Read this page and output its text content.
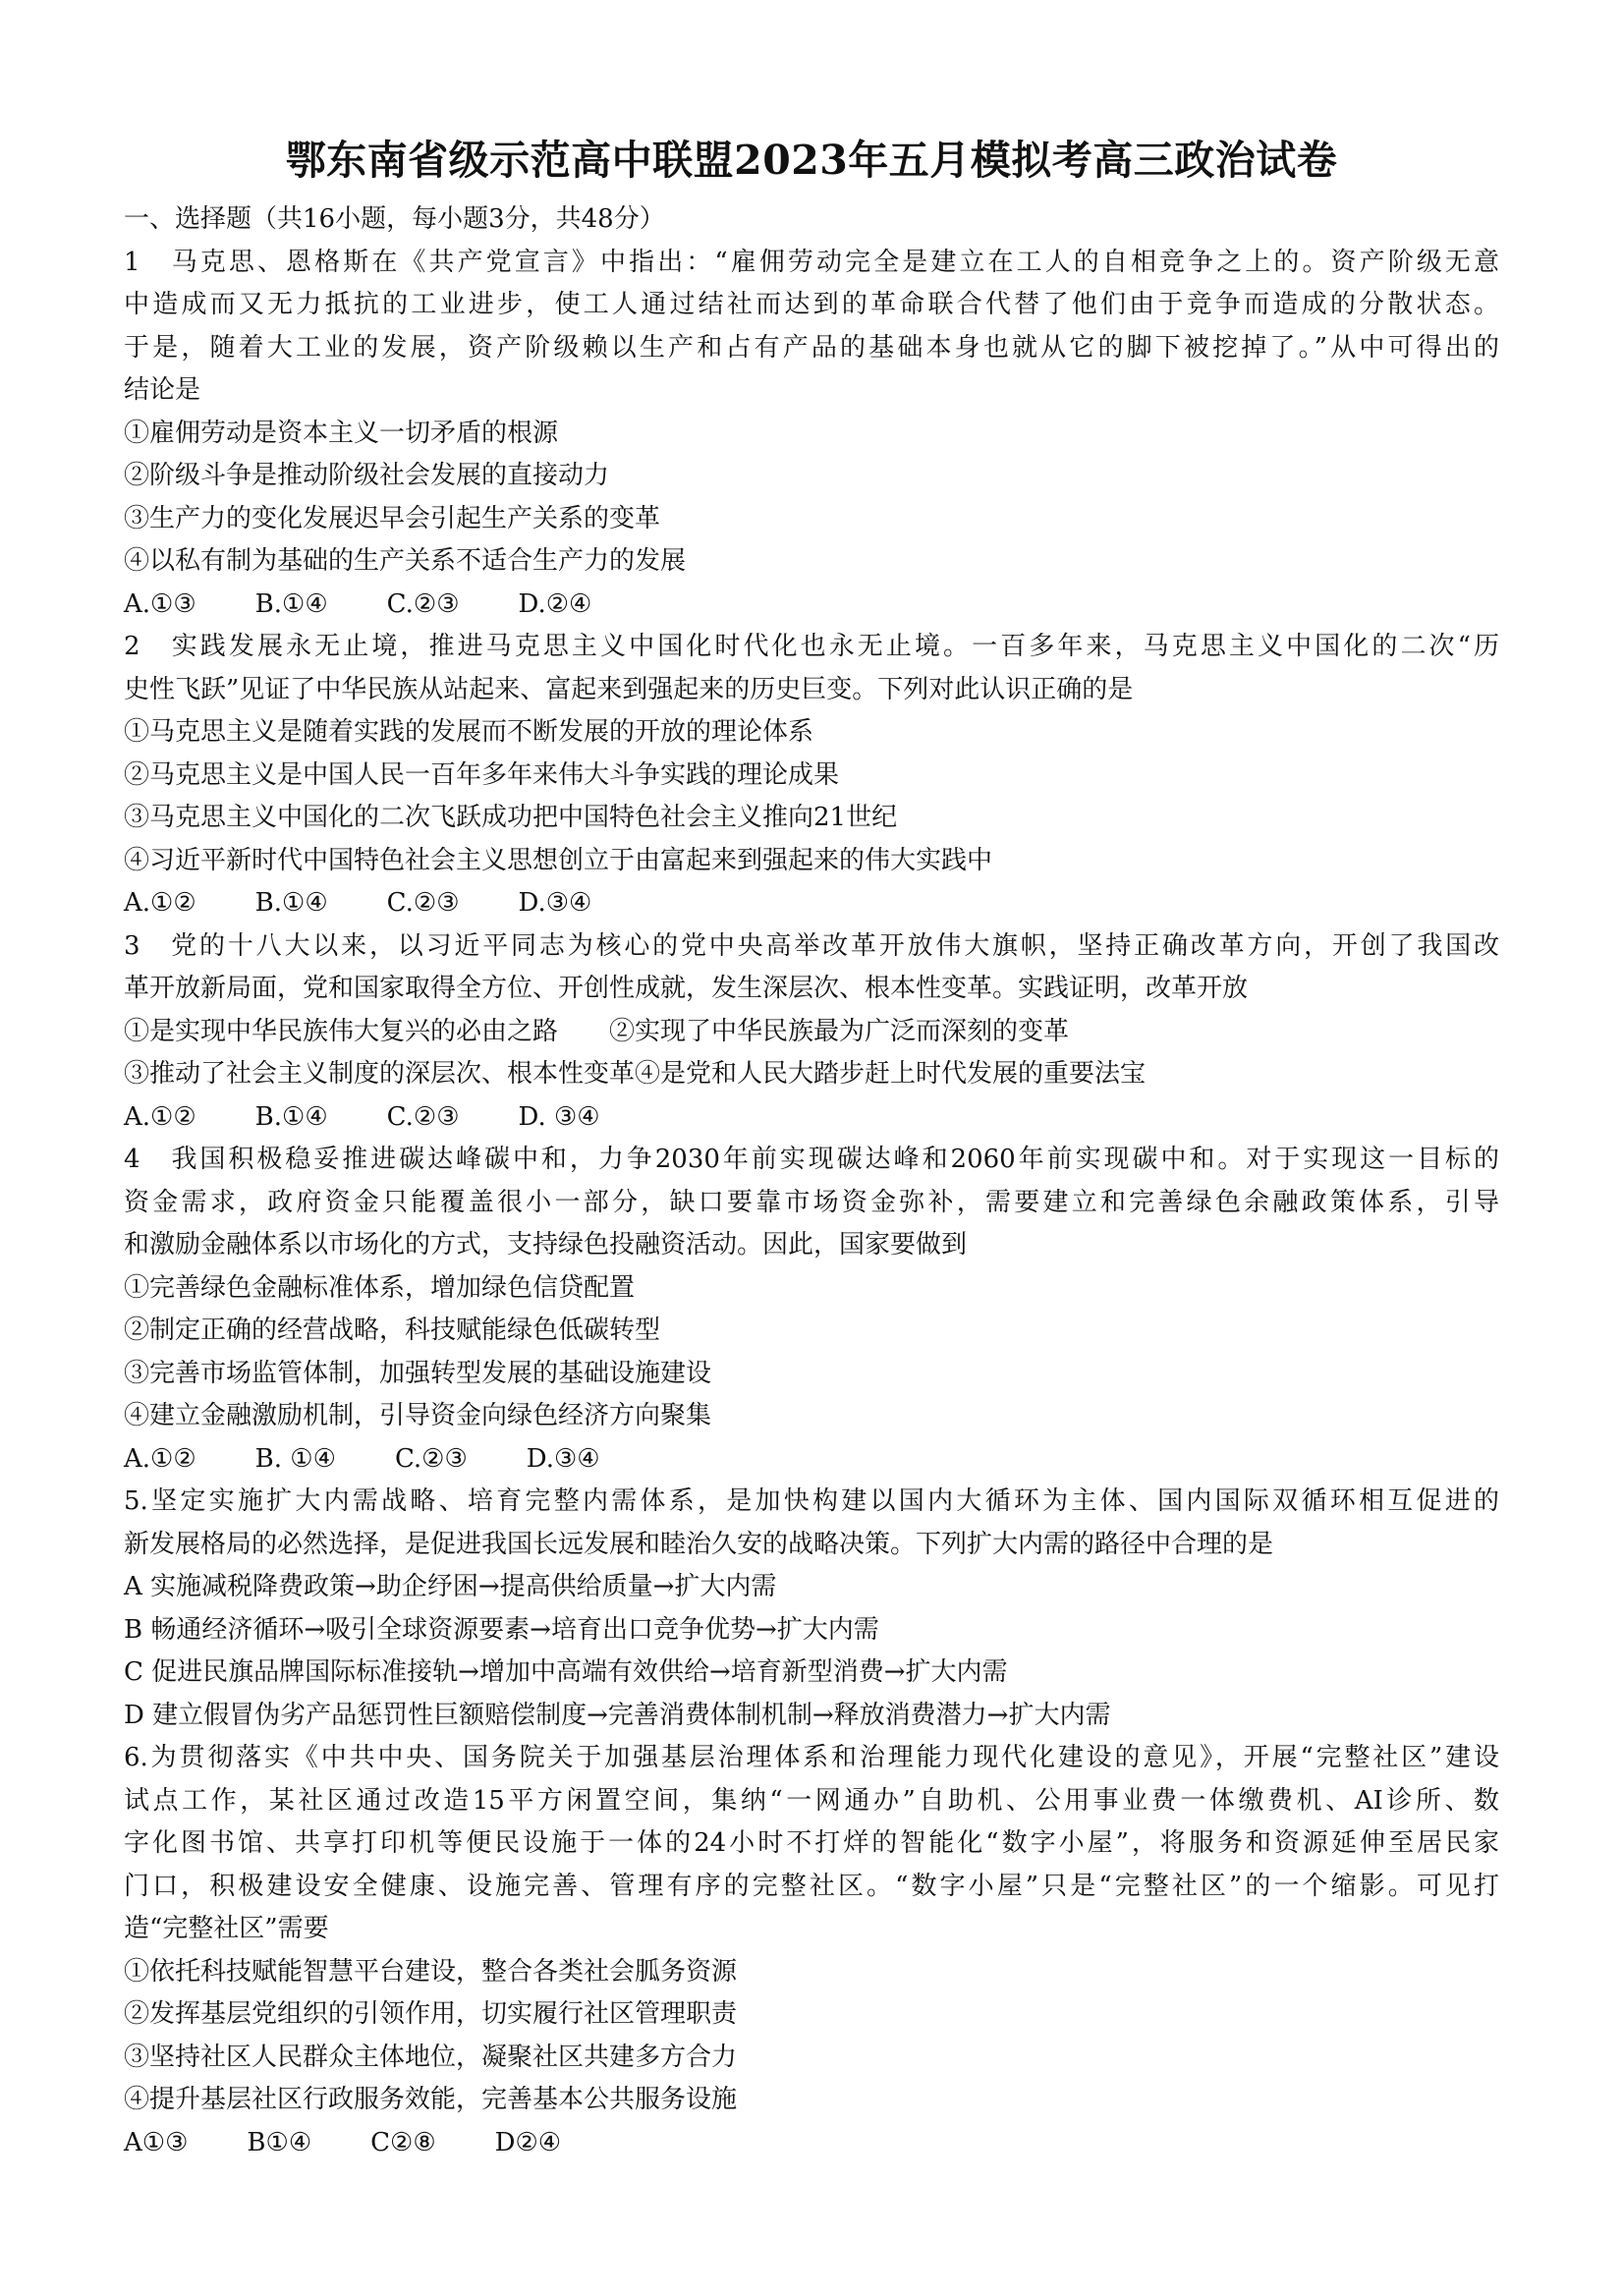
鄂东南省级示范高中联盟2023年五月模拟考高三政治试卷
一、选择题（共16小题，每小题3分，共48分）
1　马克思、恩格斯在《共产党宣言》中指出：“雇佣劳动完全是建立在工人的自相竞争之上的。资产阶级无意
中造成而又无力抵抗的工业进步，使工人通过结社而达到的革命联合代替了他们由于竞争而造成的分散状态。
于是，随着大工业的发展，资产阶级赖以生产和占有产品的基础本身也就从它的脚下被挖掉了。”从中可得出的
结论是
①雇佣劳动是资本主义一切矛盾的根源
②阶级斗争是推动阶级社会发展的直接动力
③生产力的变化发展迟早会引起生产关系的变革
④以私有制为基础的生产关系不适合生产力的发展
A.①③ B.①④ C.②③ D.②④
2　实践发展永无止境，推进马克思主义中国化时代化也永无止境。一百多年来，马克思主义中国化的二次“历
史性飞跃”见证了中华民族从站起来、富起来到强起来的历史巨变。下列对此认识正确的是
①马克思主义是随着实践的发展而不断发展的开放的理论体系
②马克思主义是中国人民一百年多年来伟大斗争实践的理论成果
③马克思主义中国化的二次飞跃成功把中国特色社会主义推向21世纪
④习近平新时代中国特色社会主义思想创立于由富起来到强起来的伟大实践中
A.①② B.①④ C.②③ D.③④
3　党的十八大以来，以习近平同志为核心的党中央高举改革开放伟大旗帜，坚持正确改革方向，开创了我国改
革开放新局面，党和国家取得全方位、开创性成就，发生深层次、根本性变革。实践证明，改革开放
①是实现中华民族伟大复兴的必由之路　　②实现了中华民族最为广泛而深刻的变革
③推动了社会主义制度的深层次、根本性变革④是党和人民大踏步赶上时代发展的重要法宝
A.①② B.①④ C.②③ D. ③④
4　我国积极稳妥推进碳达峰碳中和，力争2030年前实现碳达峰和2060年前实现碳中和。对于实现这一目标的
资金需求，政府资金只能覆盖很小一部分，缺口要靠市场资金弥补，需要建立和完善绿色余融政策体系，引导
和激励金融体系以市场化的方式，支持绿色投融资活动。因此，国家要做到
①完善绿色金融标准体系，增加绿色信贷配置
②制定正确的经营战略，科技赋能绿色低碳转型
③完善市场监管体制，加强转型发展的基础设施建设
④建立金融激励机制，引导资金向绿色经济方向聚集
A.①② B. ①④ C.②③ D.③④
5.坚定实施扩大内需战略、培育完整内需体系，是加快构建以国内大循环为主体、国内国际双循环相互促进的
新发展格局的必然选择，是促进我国长远发展和睦治久安的战略决策。下列扩大内需的路径中合理的是
A 实施减税降费政策→助企纾困→提高供给质量→扩大内需
B 畅通经济循环→吸引全球资源要素→培育出口竞争优势→扩大内需
C 促进民旗品牌国际标准接轨→增加中高端有效供给→培育新型消费→扩大内需
D 建立假冒伪劣产品惩罚性巨额赔偿制度→完善消费体制机制→释放消费潜力→扩大内需
6.为贯彻落实《中共中央、国务院关于加强基层治理体系和治理能力现代化建设的意见》，开展“完整社区”建设
试点工作，某社区通过改造15平方闲置空间，集纳“一网通办”自助机、公用事业费一体缴费机、AI诊所、数
字化图书馆、共享打印机等便民设施于一体的24小时不打烊的智能化“数字小屋”，将服务和资源延伸至居民家
门口，积极建设安全健康、设施完善、管理有序的完整社区。“数字小屋”只是“完整社区”的一个缩影。可见打
造“完整社区”需要
①依托科技赋能智慧平台建设，整合各类社会胍务资源
②发挥基层党组织的引领作用，切实履行社区管理职责
③坚持社区人民群众主体地位，凝聚社区共建多方合力
④提升基层社区行政服务效能，完善基本公共服务设施
A①③ B①④ C②⑧ D②④
